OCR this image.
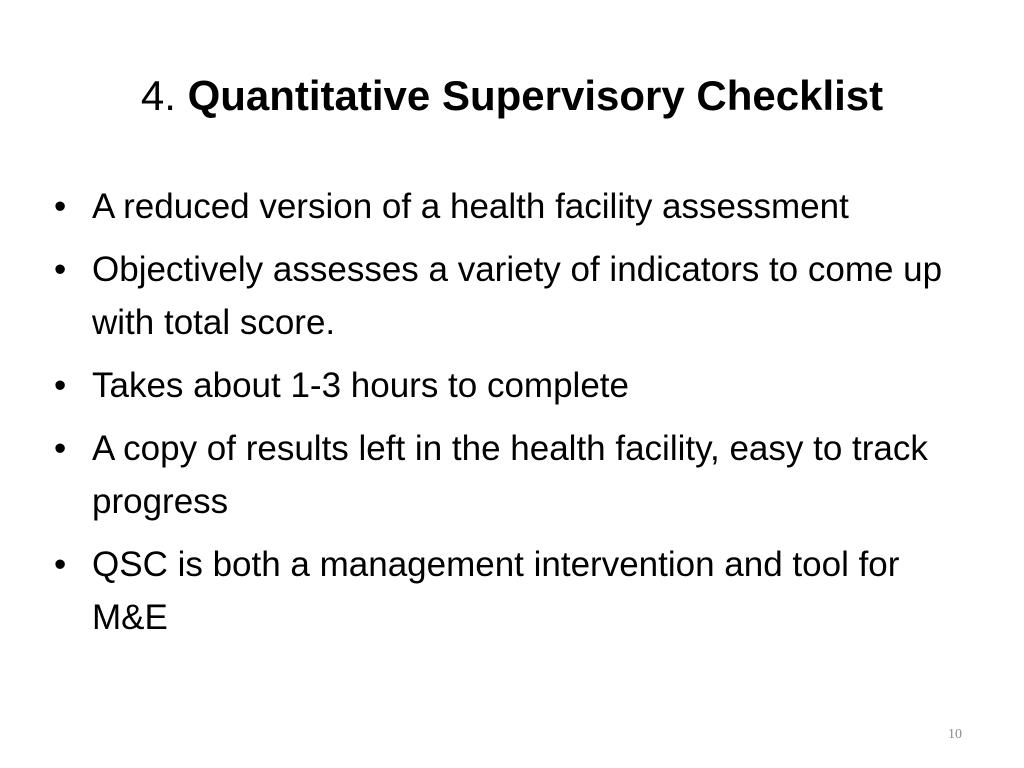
4. Quantitative Supervisory Checklist
• A reduced version of a health facility assessment
• Objectively assesses a variety of indicators to come up with total score.
• Takes about 1-3 hours to complete
• A copy of results left in the health facility, easy to track progress
• QSC is both a management intervention and tool for M&E
10
